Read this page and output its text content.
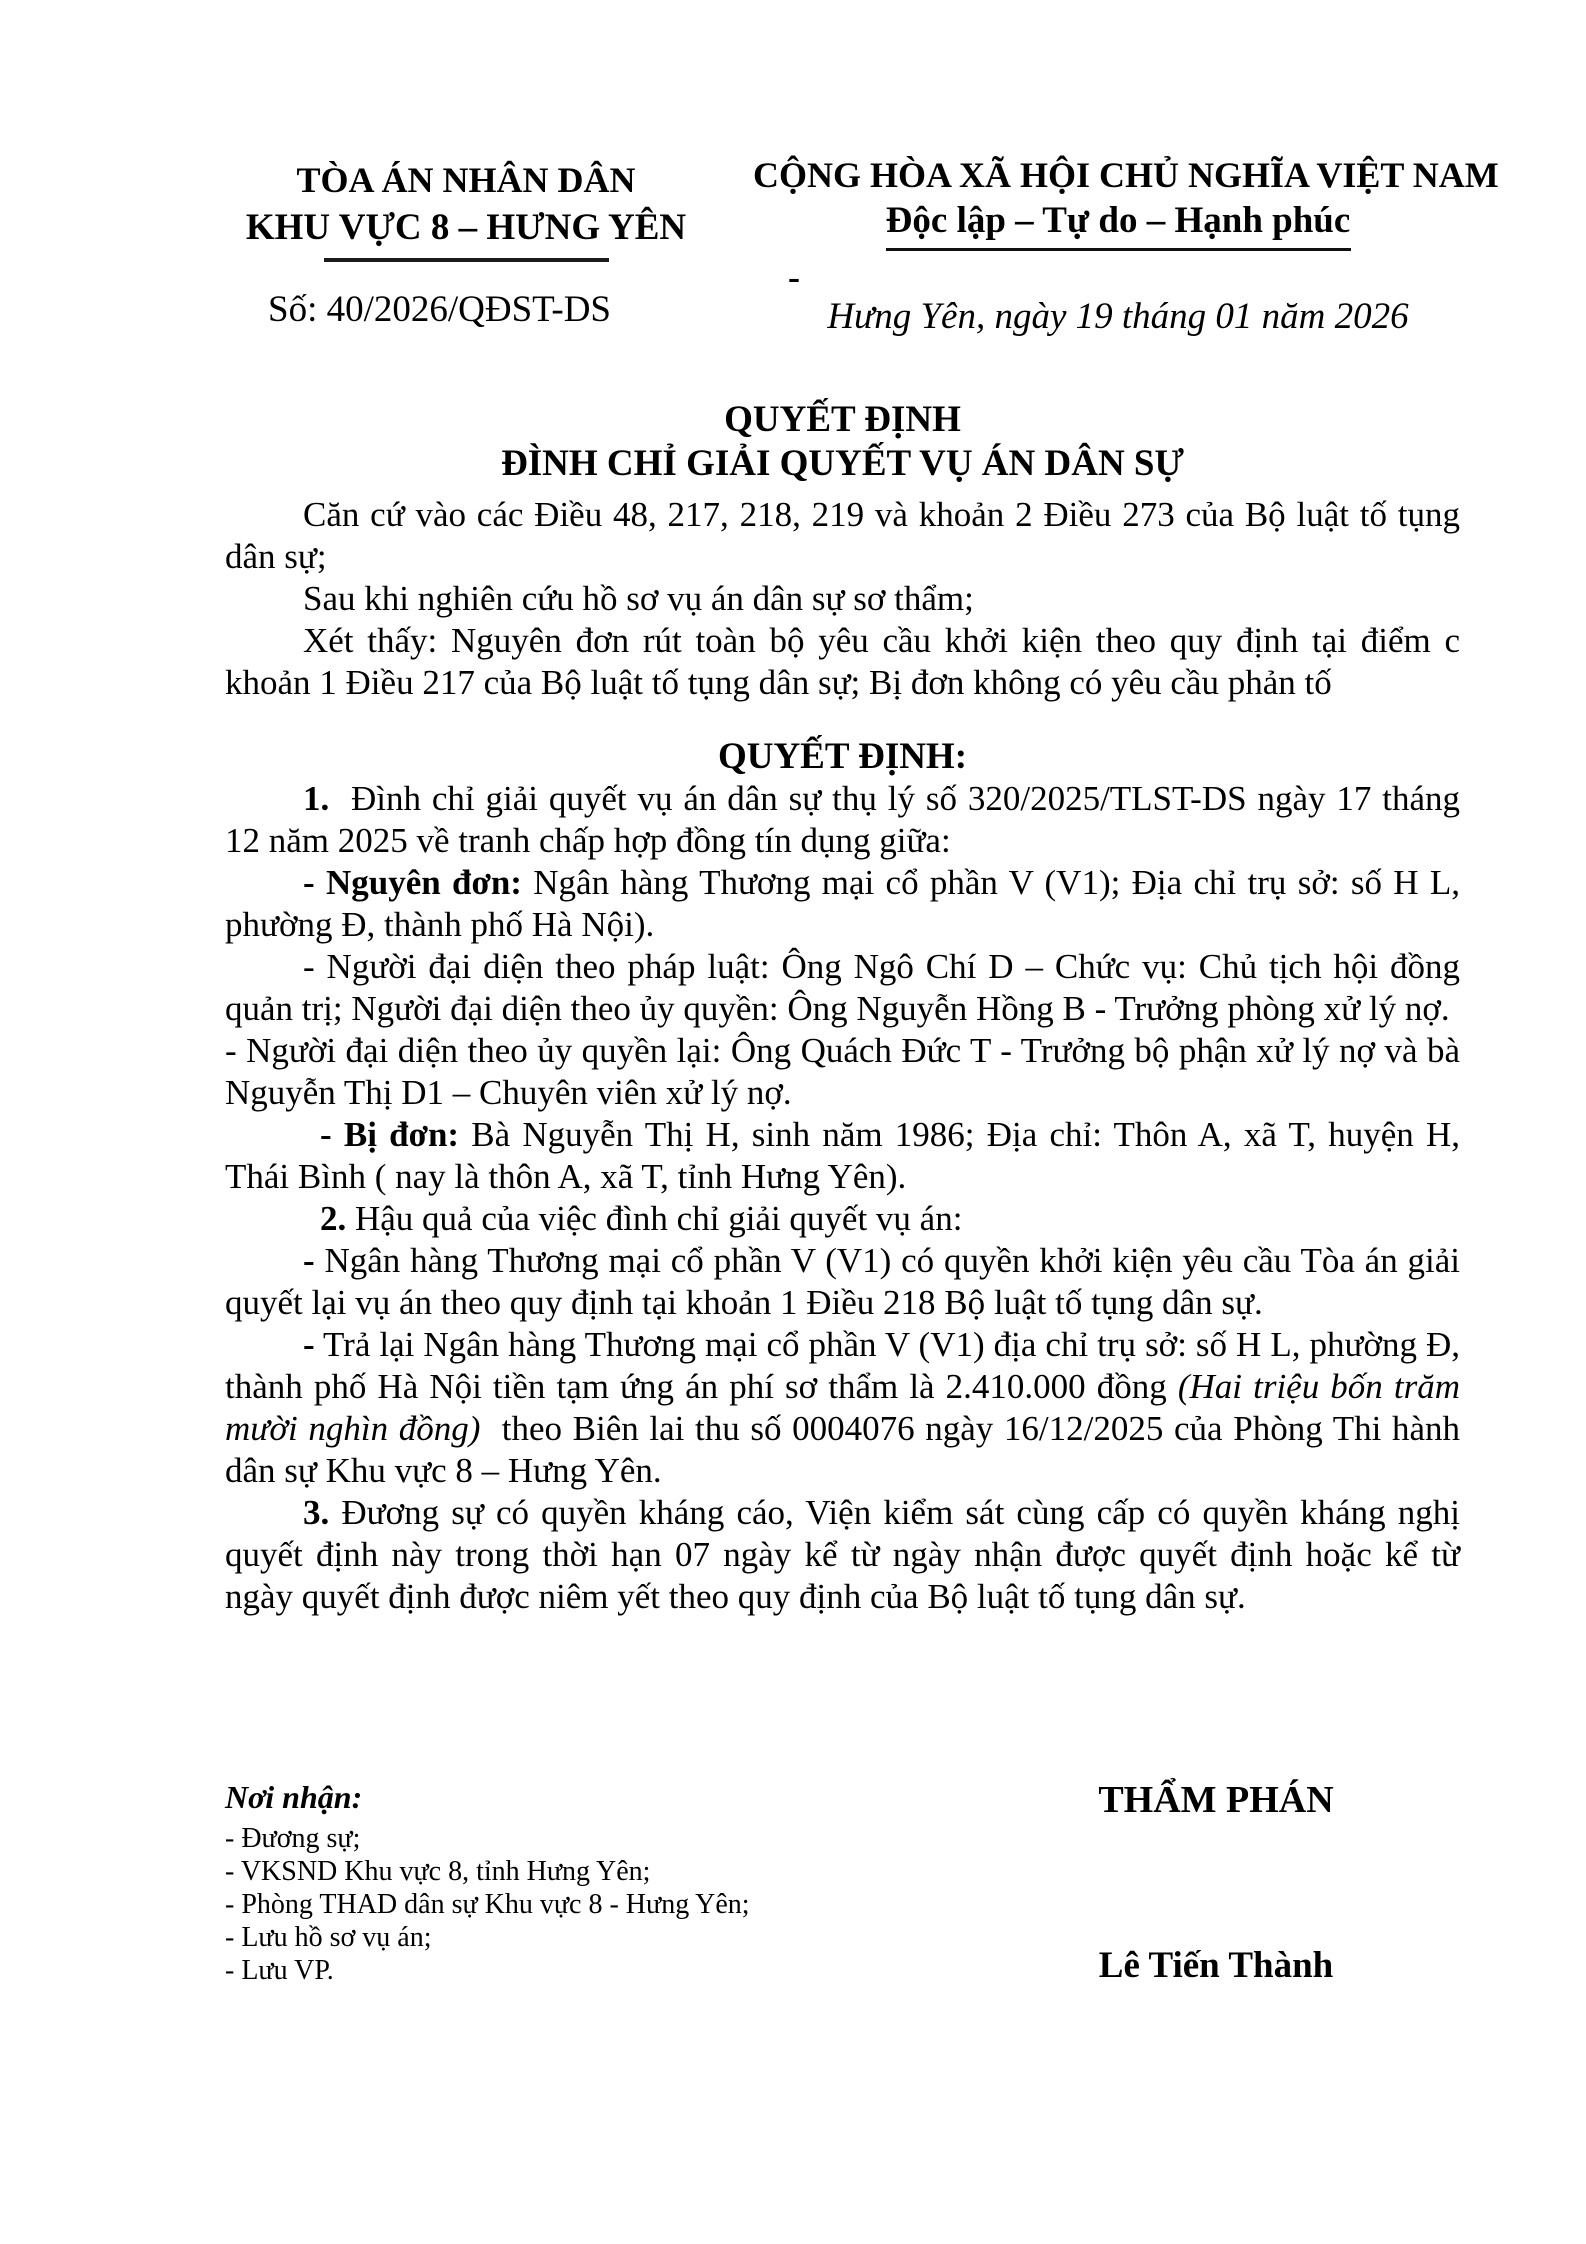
TÒA ÁN NHÂN DÂN
KHU VỰC 8 – HƯNG YÊN
Số: 40/2026/QĐST-DS
CỘNG HÒA XÃ HỘI CHỦ NGHĨA VIỆT NAM
Độc lập – Tự do – Hạnh phúc
Hưng Yên, ngày 19 tháng 01 năm 2026
-
QUYẾT ĐỊNH
ĐÌNH CHỈ GIẢI QUYẾT VỤ ÁN DÂN SỰ

Căn cứ vào các Điều 48, 217, 218, 219 và khoản 2 Điều 273 của Bộ luật tố tụng dân sự;

Sau khi nghiên cứu hồ sơ vụ án dân sự sơ thẩm;

Xét thấy: Nguyên đơn rút toàn bộ yêu cầu khởi kiện theo quy định tại điểm c khoản 1 Điều 217 của Bộ luật tố tụng dân sự; Bị đơn không có yêu cầu phản tố

QUYẾT ĐỊNH:

1.  Đình chỉ giải quyết vụ án dân sự thụ lý số 320/2025/TLST-DS ngày 17 tháng 12 năm 2025 về tranh chấp hợp đồng tín dụng giữa:

- Nguyên đơn: Ngân hàng Thương mại cổ phần V (V1); Địa chỉ trụ sở: số H L, phường Đ, thành phố Hà Nội).

- Người đại diện theo pháp luật: Ông Ngô Chí D – Chức vụ: Chủ tịch hội đồng quản trị; Người đại diện theo ủy quyền: Ông Nguyễn Hồng B - Trưởng phòng xử lý nợ.

- Người đại diện theo ủy quyền lại: Ông Quách Đức T - Trưởng bộ phận xử lý nợ và bà Nguyễn Thị D1 – Chuyên viên xử lý nợ.

- Bị đơn: Bà Nguyễn Thị H, sinh năm 1986; Địa chỉ: Thôn A, xã T, huyện H, Thái Bình ( nay là thôn A, xã T, tỉnh Hưng Yên).

2. Hậu quả của việc đình chỉ giải quyết vụ án:

- Ngân hàng Thương mại cổ phần V (V1) có quyền khởi kiện yêu cầu Tòa án giải quyết lại vụ án theo quy định tại khoản 1 Điều 218 Bộ luật tố tụng dân sự.

- Trả lại Ngân hàng Thương mại cổ phần V (V1) địa chỉ trụ sở: số H L, phường Đ, thành phố Hà Nội tiền tạm ứng án phí sơ thẩm là 2.410.000 đồng (Hai triệu bốn trăm mười nghìn đồng)  theo Biên lai thu số 0004076 ngày 16/12/2025 của Phòng Thi hành dân sự Khu vực 8 – Hưng Yên.

3. Đương sự có quyền kháng cáo, Viện kiểm sát cùng cấp có quyền kháng nghị quyết định này trong thời hạn 07 ngày kể từ ngày nhận được quyết định hoặc kể từ ngày quyết định được niêm yết theo quy định của Bộ luật tố tụng dân sự.

Nơi nhận:
- Đương sự;
- VKSND Khu vực 8, tỉnh Hưng Yên;
- Phòng THAD dân sự Khu vực 8 - Hưng Yên;
- Lưu hồ sơ vụ án;
- Lưu VP.
THẨM PHÁN
Lê Tiến Thành
